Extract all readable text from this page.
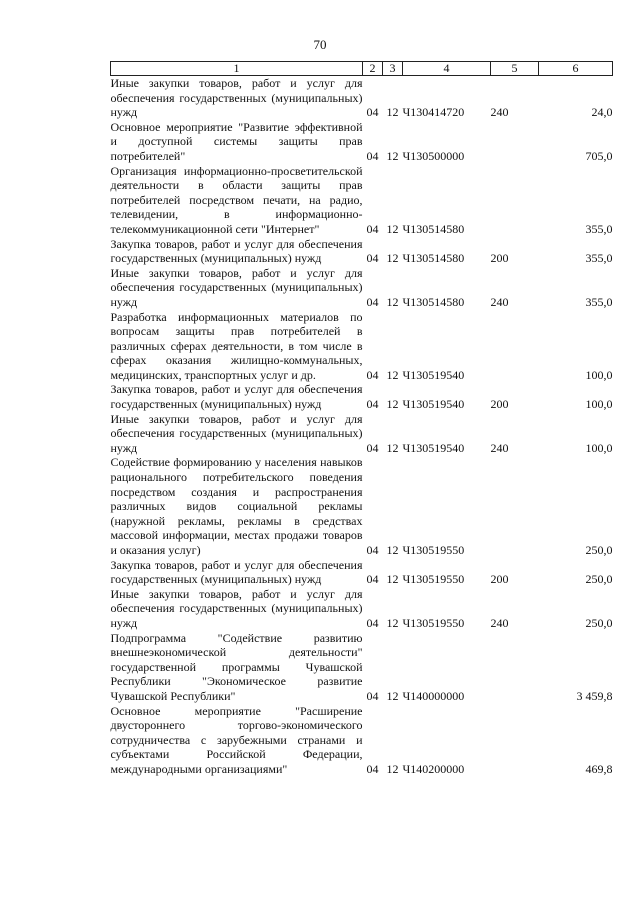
70
1	2	3	4	5	6
Иные закупки товаров, работ и услуг для обеспечения государственных (муниципальных) нужд	04	12	Ч130414720	240	24,0
Основное мероприятие "Развитие эффективной и доступной системы защиты прав потребителей"	04	12	Ч130500000		705,0
Организация информационно-просветительской деятельности в области защиты прав потребителей посредством печати, на радио, телевидении, в информационно-телекоммуникационной сети "Интернет"	04	12	Ч130514580		355,0
Закупка товаров, работ и услуг для обеспечения государственных (муниципальных) нужд	04	12	Ч130514580	200	355,0
Иные закупки товаров, работ и услуг для обеспечения государственных (муниципальных) нужд	04	12	Ч130514580	240	355,0
Разработка информационных материалов по вопросам защиты прав потребителей в различных сферах деятельности, в том числе в сферах оказания жилищно-коммунальных, медицинских, транспортных услуг и др.	04	12	Ч130519540		100,0
Закупка товаров, работ и услуг для обеспечения государственных (муниципальных) нужд	04	12	Ч130519540	200	100,0
Иные закупки товаров, работ и услуг для обеспечения государственных (муниципальных) нужд	04	12	Ч130519540	240	100,0
Содействие формированию у населения навыков рационального потребительского поведения посредством создания и распространения различных видов социальной рекламы (наружной рекламы, рекламы в средствах массовой информации, местах продажи товаров и оказания услуг)	04	12	Ч130519550		250,0
Закупка товаров, работ и услуг для обеспечения государственных (муниципальных) нужд	04	12	Ч130519550	200	250,0
Иные закупки товаров, работ и услуг для обеспечения государственных (муниципальных) нужд	04	12	Ч130519550	240	250,0
Подпрограмма "Содействие развитию внешнеэкономической деятельности" государственной программы Чувашской Республики "Экономическое развитие Чувашской Республики"	04	12	Ч140000000		3 459,8
Основное мероприятие "Расширение двустороннего торгово-экономического сотрудничества с зарубежными странами и субъектами Российской Федерации, международными организациями"	04	12	Ч140200000		469,8
